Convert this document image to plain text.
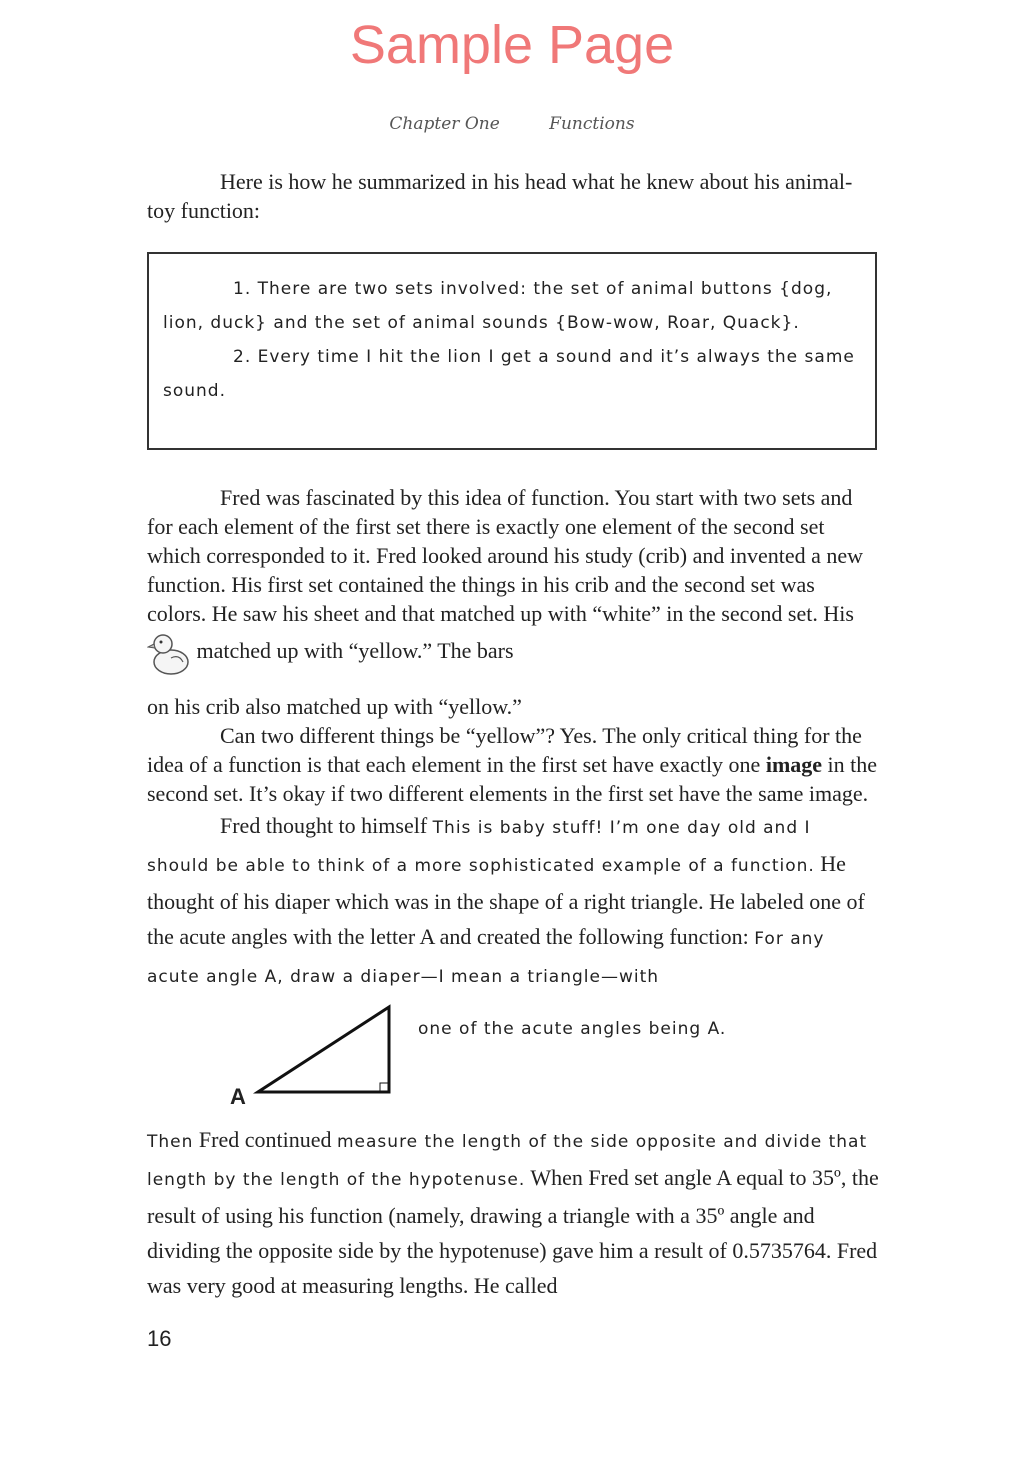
Sample Page
Chapter One	Functions

Here is how he summarized in his head what he knew about his animal-toy function:

1. There are two sets involved: the set of animal buttons {dog, lion, duck} and the set of animal sounds {Bow-wow, Roar, Quack}.

2. Every time I hit the lion I get a sound and it’s always the same sound.

Fred was fascinated by this idea of function. You start with two sets and for each element of the first set there is exactly one element of the second set which corresponded to it. Fred looked around his study (crib) and invented a new function. His first set contained the things in his crib and the second set was colors. He saw his sheet and that matched up with “white” in the second set. His  matched up with “yellow.” The bars

on his crib also matched up with “yellow.”

Can two different things be “yellow”? Yes. The only critical thing for the idea of a function is that each element in the first set have exactly one image in the second set. It’s okay if two different elements in the first set have the same image.

Fred thought to himself This is baby stuff! I’m one day old and I should be able to think of a more sophisticated example of a function. He thought of his diaper which was in the shape of a right triangle. He labeled one of the acute angles with the letter A and created the following function: For any acute angle A, draw a diaper—I mean a triangle—with

one of the acute angles being A.
A

Then Fred continued measure the length of the side opposite and divide that length by the length of the hypotenuse. When Fred set angle A equal to 35º, the result of using his function (namely, drawing a triangle with a 35º angle and dividing the opposite side by the hypotenuse) gave him a result of 0.5735764. Fred was very good at measuring lengths. He called

16
